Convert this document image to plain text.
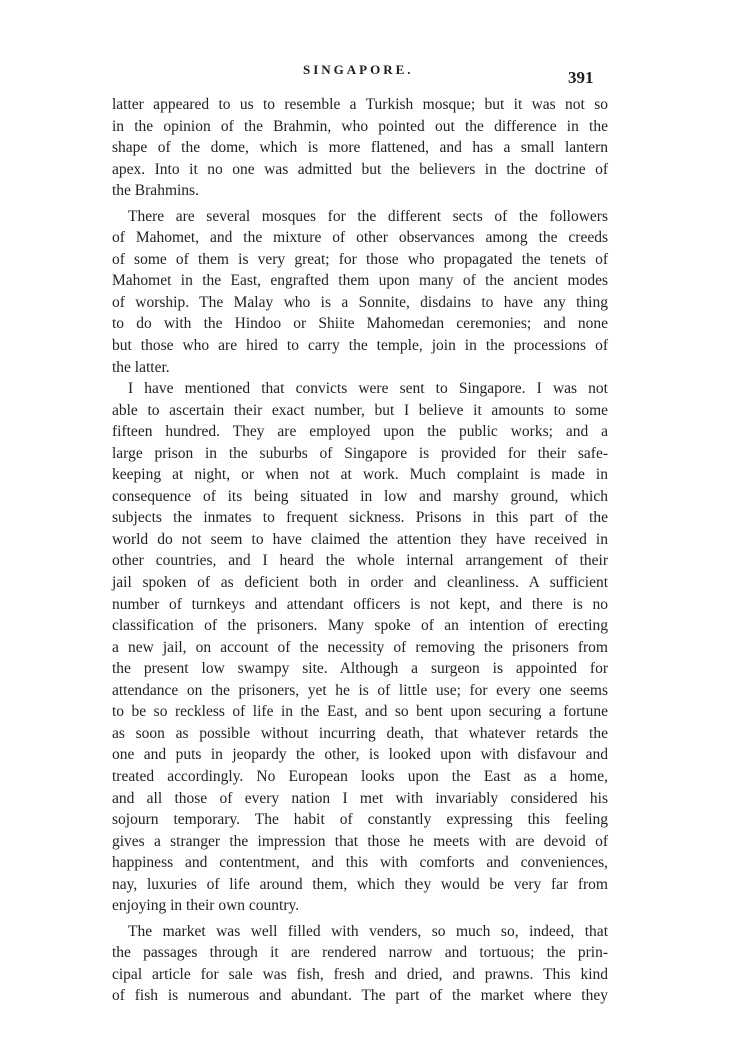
SINGAPORE.	391
latter appeared to us to resemble a Turkish mosque; but it was not so
in the opinion of the Brahmin, who pointed out the difference in the
shape of the dome, which is more flattened, and has a small lantern
apex. Into it no one was admitted but the believers in the doctrine of
the Brahmins.
There are several mosques for the different sects of the followers
of Mahomet, and the mixture of other observances among the creeds
of some of them is very great; for those who propagated the tenets of
Mahomet in the East, engrafted them upon many of the ancient modes
of worship. The Malay who is a Sonnite, disdains to have any thing
to do with the Hindoo or Shiite Mahomedan ceremonies; and none
but those who are hired to carry the temple, join in the processions of
the latter.
I have mentioned that convicts were sent to Singapore. I was not
able to ascertain their exact number, but I believe it amounts to some
fifteen hundred. They are employed upon the public works; and a
large prison in the suburbs of Singapore is provided for their safe-
keeping at night, or when not at work. Much complaint is made in
consequence of its being situated in low and marshy ground, which
subjects the inmates to frequent sickness. Prisons in this part of the
world do not seem to have claimed the attention they have received in
other countries, and I heard the whole internal arrangement of their
jail spoken of as deficient both in order and cleanliness. A sufficient
number of turnkeys and attendant officers is not kept, and there is no
classification of the prisoners. Many spoke of an intention of erecting
a new jail, on account of the necessity of removing the prisoners from
the present low swampy site. Although a surgeon is appointed for
attendance on the prisoners, yet he is of little use; for every one seems
to be so reckless of life in the East, and so bent upon securing a fortune
as soon as possible without incurring death, that whatever retards the
one and puts in jeopardy the other, is looked upon with disfavour and
treated accordingly. No European looks upon the East as a home,
and all those of every nation I met with invariably considered his
sojourn temporary. The habit of constantly expressing this feeling
gives a stranger the impression that those he meets with are devoid of
happiness and contentment, and this with comforts and conveniences,
nay, luxuries of life around them, which they would be very far from
enjoying in their own country.
The market was well filled with venders, so much so, indeed, that
the passages through it are rendered narrow and tortuous; the prin-
cipal article for sale was fish, fresh and dried, and prawns. This kind
of fish is numerous and abundant. The part of the market where they
